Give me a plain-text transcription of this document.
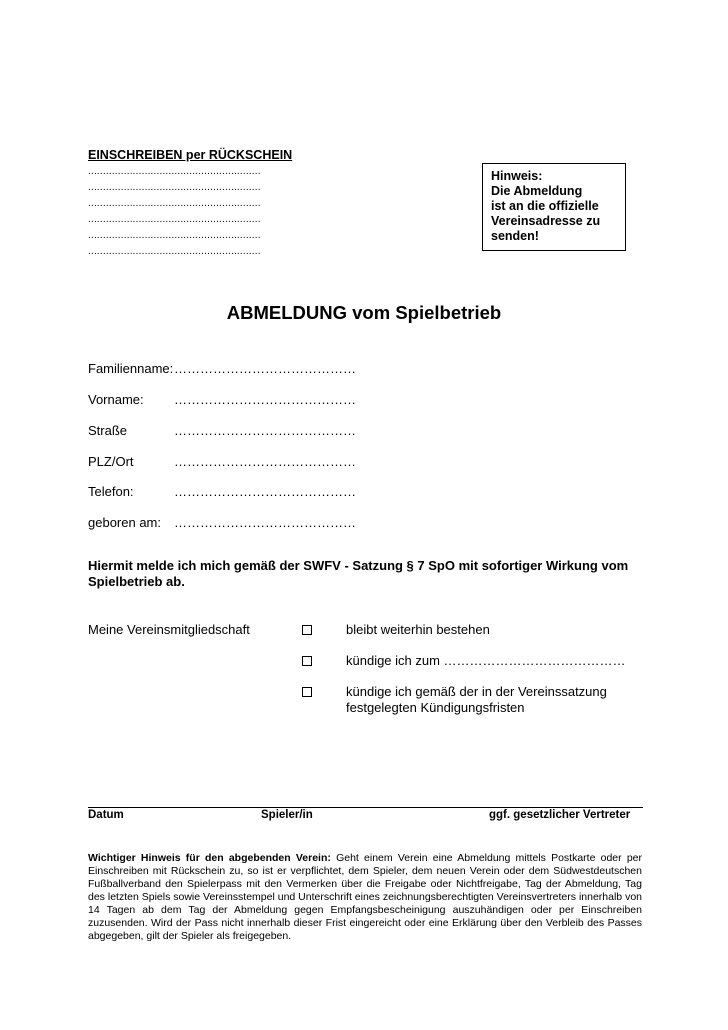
EINSCHREIBEN per RÜCKSCHEIN
..........................................................
..........................................................
..........................................................
..........................................................
..........................................................
..........................................................
Hinweis:
Die Abmeldung
ist an die offizielle
Vereinsadresse zu
senden!
ABMELDUNG vom Spielbetrieb
Familienname: ……………………………………
Vorname: ……………………………………
Straße	……………………………………
PLZ/Ort	……………………………………
Telefon:	……………………………………
geboren am: ……………………………………
Hiermit melde ich mich gemäß der SWFV - Satzung § 7 SpO mit sofortiger Wirkung vom Spielbetrieb ab.
Meine Vereinsmitgliedschaft	bleibt weiterhin bestehen
kündige ich zum ……………………………………
kündige ich gemäß der in der Vereinssatzung
festgelegten Kündigungsfristen
Datum	Spieler/in	ggf. gesetzlicher Vertreter
Wichtiger Hinweis für den abgebenden Verein: Geht einem Verein eine Abmeldung mittels Postkarte oder per Einschreiben mit Rückschein zu, so ist er verpflichtet, dem Spieler, dem neuen Verein oder dem Südwestdeutschen Fußballverband den Spielerpass mit den Vermerken über die Freigabe oder Nichtfreigabe, Tag der Abmeldung, Tag des letzten Spiels sowie Vereinsstempel und Unterschrift eines zeichnungsberechtigten Vereinsvertreters innerhalb von 14 Tagen ab dem Tag der Abmeldung gegen Empfangsbescheinigung auszuhändigen oder per Einschreiben zuzusenden. Wird der Pass nicht innerhalb dieser Frist eingereicht oder eine Erklärung über den Verbleib des Passes abgegeben, gilt der Spieler als freigegeben.
